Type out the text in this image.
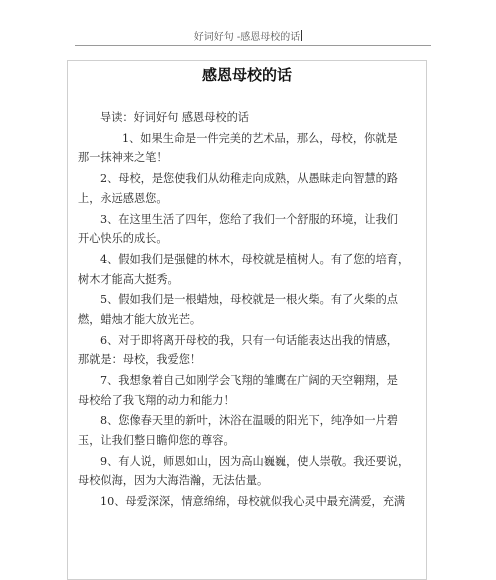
好词好句 -感恩母校的话
感恩母校的话

导读：好词好句 感恩母校的话

1、如果生命是一件完美的艺术品，那么，母校，你就是
那一抹神来之笔！

2、母校，是您使我们从幼稚走向成熟，从愚昧走向智慧的路
上，永远感恩您。

3、在这里生活了四年，您给了我们一个舒服的环境，让我们
开心快乐的成长。

4、假如我们是强健的林木，母校就是植树人。有了您的培育，
树木才能高大挺秀。

5、假如我们是一根蜡烛，母校就是一根火柴。有了火柴的点
燃，蜡烛才能大放光芒。

6、对于即将离开母校的我，只有一句话能表达出我的情感，
那就是：母校，我爱您！

7、我想象着自己如刚学会飞翔的雏鹰在广阔的天空翱翔，是
母校给了我飞翔的动力和能力！

8、您像春天里的新叶，沐浴在温暖的阳光下，纯净如一片碧
玉，让我们整日瞻仰您的尊容。

9、有人说，师恩如山，因为高山巍巍，使人崇敬。我还要说，
母校似海，因为大海浩瀚，无法估量。

10、母爱深深，情意绵绵，母校就似我心灵中最充满爱，充满
